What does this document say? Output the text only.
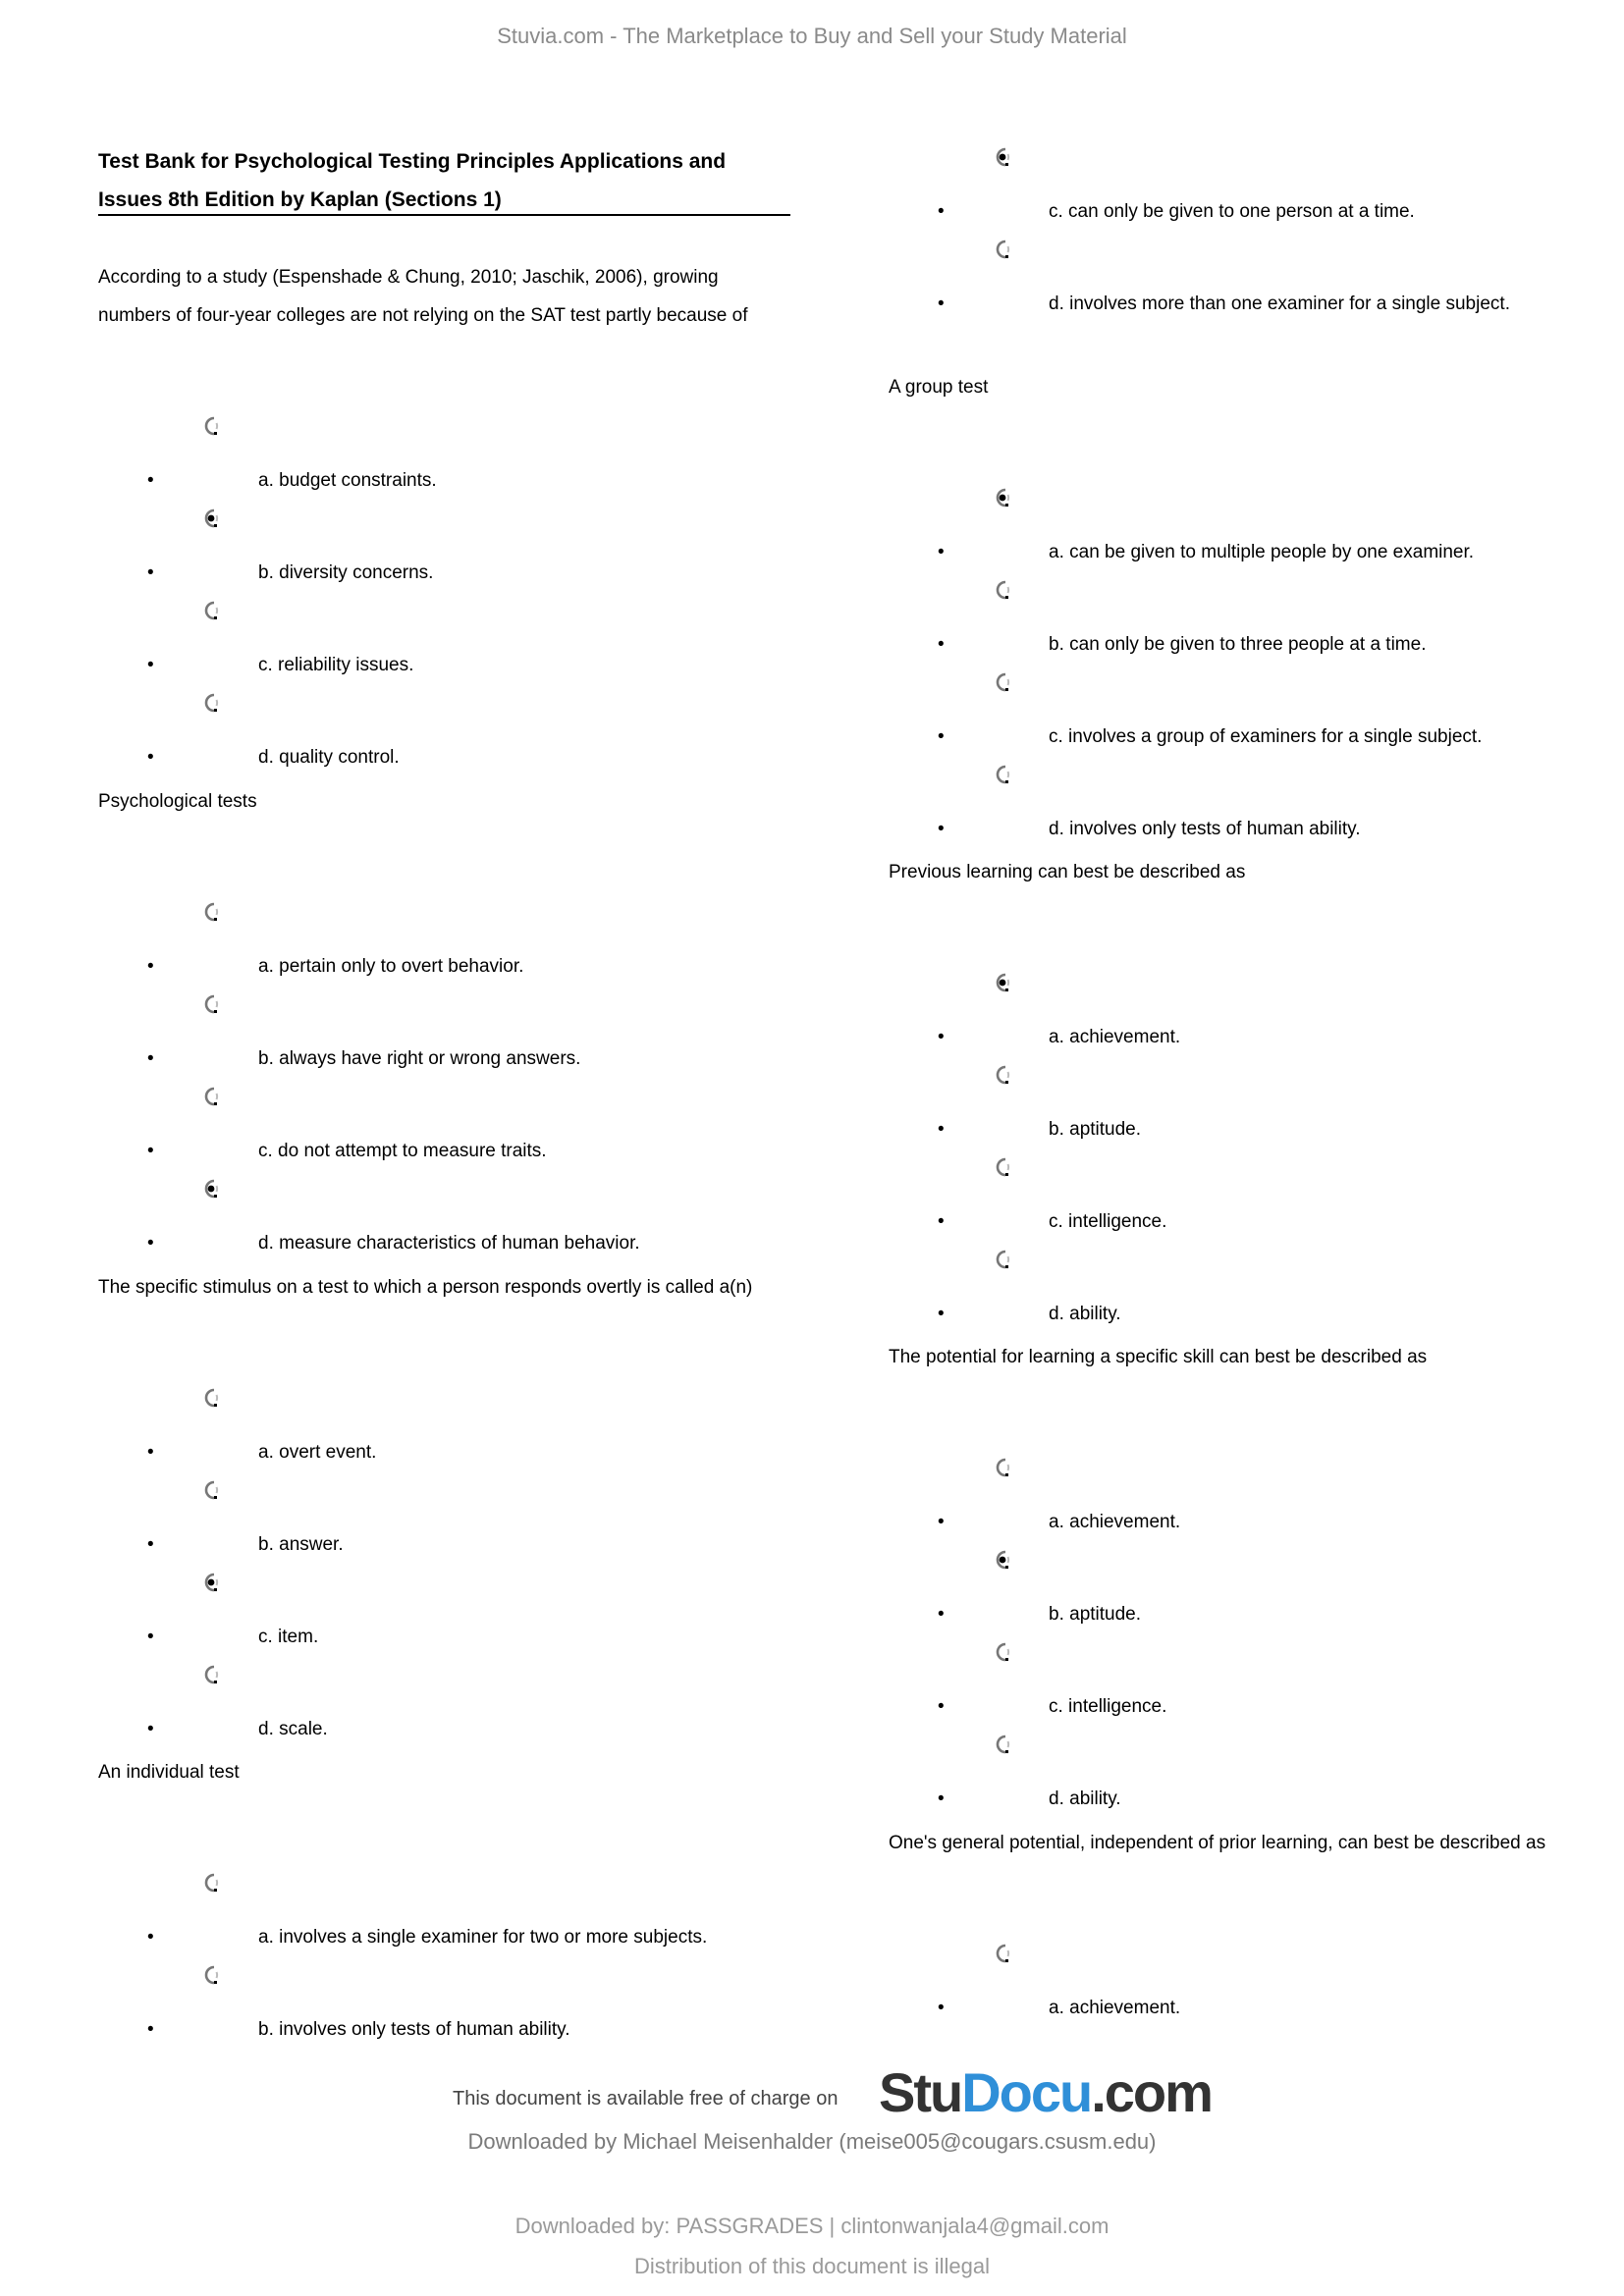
Stuvia.com - The Marketplace to Buy and Sell your Study Material
Test Bank for Psychological Testing Principles Applications and
Issues 8th Edition by Kaplan (Sections 1)
According to a study (Espenshade & Chung, 2010; Jaschik, 2006), growing
numbers of four-year colleges are not relying on the SAT test partly because of
•	a. budget constraints.
•	b. diversity concerns.
•	c. reliability issues.
•	d. quality control.
Psychological tests
•	a. pertain only to overt behavior.
•	b. always have right or wrong answers.
•	c. do not attempt to measure traits.
•	d. measure characteristics of human behavior.
The specific stimulus on a test to which a person responds overtly is called a(n)
•	a. overt event.
•	b. answer.
•	c. item.
•	d. scale.
An individual test
•	a. involves a single examiner for two or more subjects.
•	b. involves only tests of human ability.
•	c. can only be given to one person at a time.
•	d. involves more than one examiner for a single subject.
A group test
•	a. can be given to multiple people by one examiner.
•	b. can only be given to three people at a time.
•	c. involves a group of examiners for a single subject.
•	d. involves only tests of human ability.
Previous learning can best be described as
•	a. achievement.
•	b. aptitude.
•	c. intelligence.
•	d. ability.
The potential for learning a specific skill can best be described as
•	a. achievement.
•	b. aptitude.
•	c. intelligence.
•	d. ability.
One's general potential, independent of prior learning, can best be described as
•	a. achievement.
This document is available free of charge on StuDocu.com
Downloaded by Michael Meisenhalder (meise005@cougars.csusm.edu)
Downloaded by: PASSGRADES | clintonwanjala4@gmail.com
Distribution of this document is illegal
